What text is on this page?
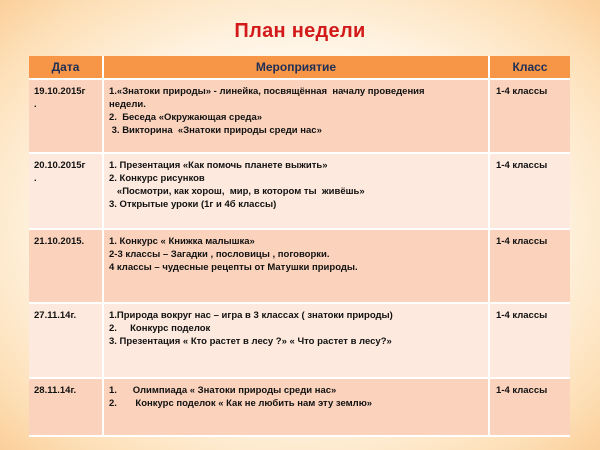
План недели
Дата	Мероприятие	Класс

19.10.2015г
.	1.«Знатоки природы» - линейка, посвящённая  началу проведения
недели.
2.  Беседа «Окружающая среда»
3. Викторина  «Знатоки природы среди нас»	1-4 классы

20.10.2015г
.	1. Презентация «Как помочь планете выжить»
2. Конкурс рисунков
«Посмотри, как хорош,  мир, в котором ты  живёшь»
3. Открытые уроки (1г и 4б классы)	1-4 классы

21.10.2015.	1. Конкурс « Книжка малышка»
2-3 классы – Загадки , пословицы , поговорки.
4 классы – чудесные рецепты от Матушки природы.	1-4 классы

27.11.14г.	1.Природа вокруг нас – игра в 3 классах ( знатоки природы)
2.     Конкурс поделок
3. Презентация « Кто растет в лесу ?» « Что растет в лесу?»	1-4 классы

28.11.14г.	1.      Олимпиада « Знатоки природы среди нас»
2.       Конкурс поделок « Как не любить нам эту землю»	1-4 классы
